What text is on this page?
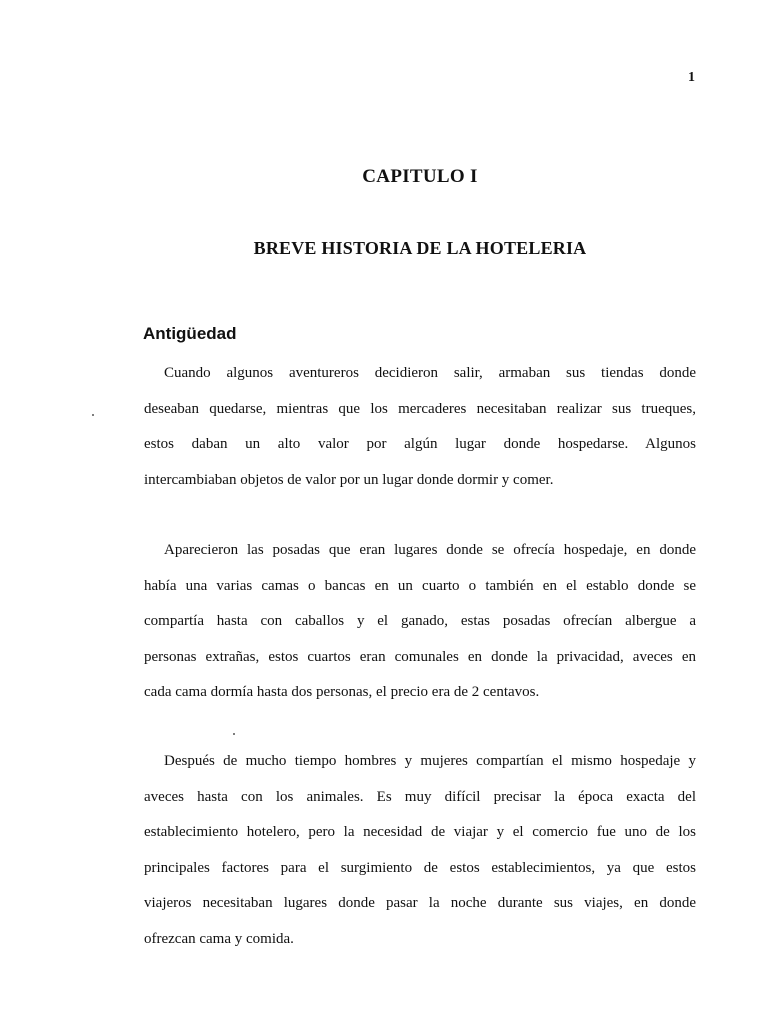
1
CAPITULO I
BREVE HISTORIA DE LA HOTELERIA
Antigüedad

Cuando algunos aventureros decidieron salir, armaban sus tiendas donde
deseaban quedarse, mientras que los mercaderes necesitaban realizar sus trueques,
estos daban un alto valor por algún lugar donde hospedarse. Algunos
intercambiaban objetos de valor por un lugar donde dormir y comer.

Aparecieron las posadas que eran lugares donde se ofrecía hospedaje, en donde
había una varias camas o bancas en un cuarto o también en el establo donde se
compartía hasta con caballos y el ganado, estas posadas ofrecían albergue a
personas extrañas, estos cuartos eran comunales en donde la privacidad, aveces en
cada cama dormía hasta dos personas, el precio era de 2 centavos.

Después de mucho tiempo hombres y mujeres compartían el mismo hospedaje y
aveces hasta con los animales. Es muy difícil precisar la época exacta del
establecimiento hotelero, pero la necesidad de viajar y el comercio fue uno de los
principales factores para el surgimiento de estos establecimientos, ya que estos
viajeros necesitaban lugares donde pasar la noche durante sus viajes, en donde
ofrezcan cama y comida.
